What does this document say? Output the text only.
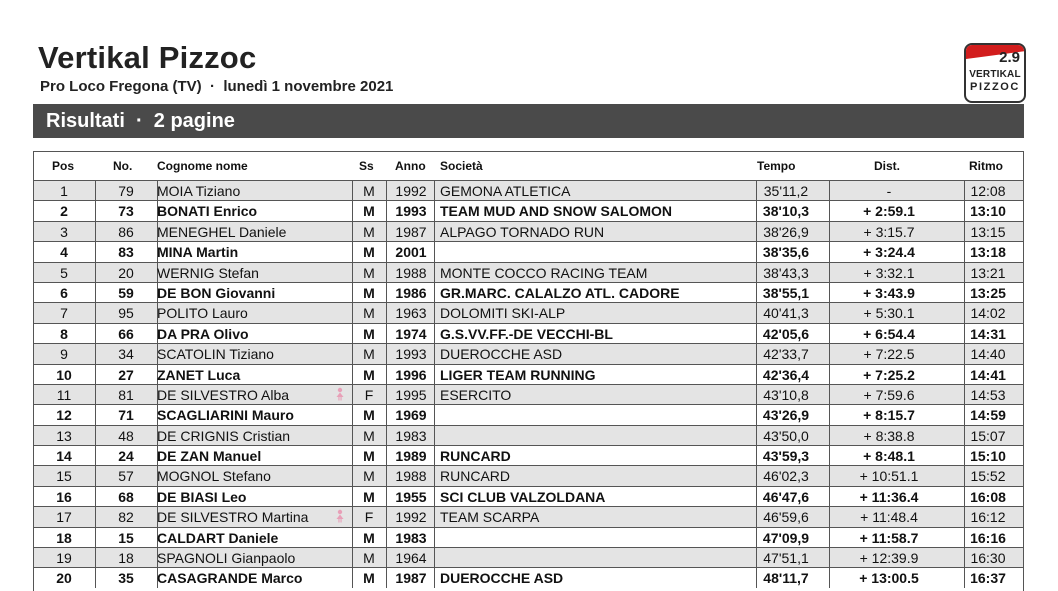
Vertikal Pizzoc
Pro Loco Fregona (TV)  ·  lunedì 1 novembre 2021
2.9
VERTIKAL
PIZZOC
Risultati  ·  2 pagine
Pos	No. Cognome nome	Ss Anno Società	Tempo	Dist.	Ritmo
1	79	MOIA Tiziano	M	1992 GEMONA ATLETICA	35'11,2	-	12:08
2	73	BONATI Enrico	M	1993 TEAM MUD AND SNOW SALOMON	38'10,3	+ 2:59.1	13:10
3	86	MENEGHEL Daniele	M	1987 ALPAGO TORNADO RUN	38'26,9	+ 3:15.7	13:15
4	83	MINA Martin	M	2001	38'35,6	+ 3:24.4	13:18
5	20	WERNIG Stefan	M	1988 MONTE COCCO RACING TEAM	38'43,3	+ 3:32.1	13:21
6	59	DE BON Giovanni	M	1986 GR.MARC. CALALZO ATL. CADORE	38'55,1	+ 3:43.9	13:25
7	95	POLITO Lauro	M	1963 DOLOMITI SKI-ALP	40'41,3	+ 5:30.1	14:02
8	66	DA PRA Olivo	M	1974 G.S.VV.FF.-DE VECCHI-BL	42'05,6	+ 6:54.4	14:31
9	34	SCATOLIN Tiziano	M	1993 DUEROCCHE ASD	42'33,7	+ 7:22.5	14:40
10	27	ZANET Luca	M	1996 LIGER TEAM RUNNING	42'36,4	+ 7:25.2	14:41
11	81	DE SILVESTRO Alba	F	1995 ESERCITO	43'10,8	+ 7:59.6	14:53
12	71	SCAGLIARINI Mauro	M	1969	43'26,9	+ 8:15.7	14:59
13	48	DE CRIGNIS Cristian	M	1983	43'50,0	+ 8:38.8	15:07
14	24	DE ZAN Manuel	M	1989 RUNCARD	43'59,3	+ 8:48.1	15:10
15	57	MOGNOL Stefano	M	1988 RUNCARD	46'02,3	+ 10:51.1	15:52
16	68	DE BIASI Leo	M	1955 SCI CLUB VALZOLDANA	46'47,6	+ 11:36.4	16:08
17	82	DE SILVESTRO Martina	F	1992 TEAM SCARPA	46'59,6	+ 11:48.4	16:12
18	15	CALDART Daniele	M	1983	47'09,9	+ 11:58.7	16:16
19	18	SPAGNOLI Gianpaolo	M	1964	47'51,1	+ 12:39.9	16:30
20	35	CASAGRANDE Marco	M	1987 DUEROCCHE ASD	48'11,7	+ 13:00.5	16:37
